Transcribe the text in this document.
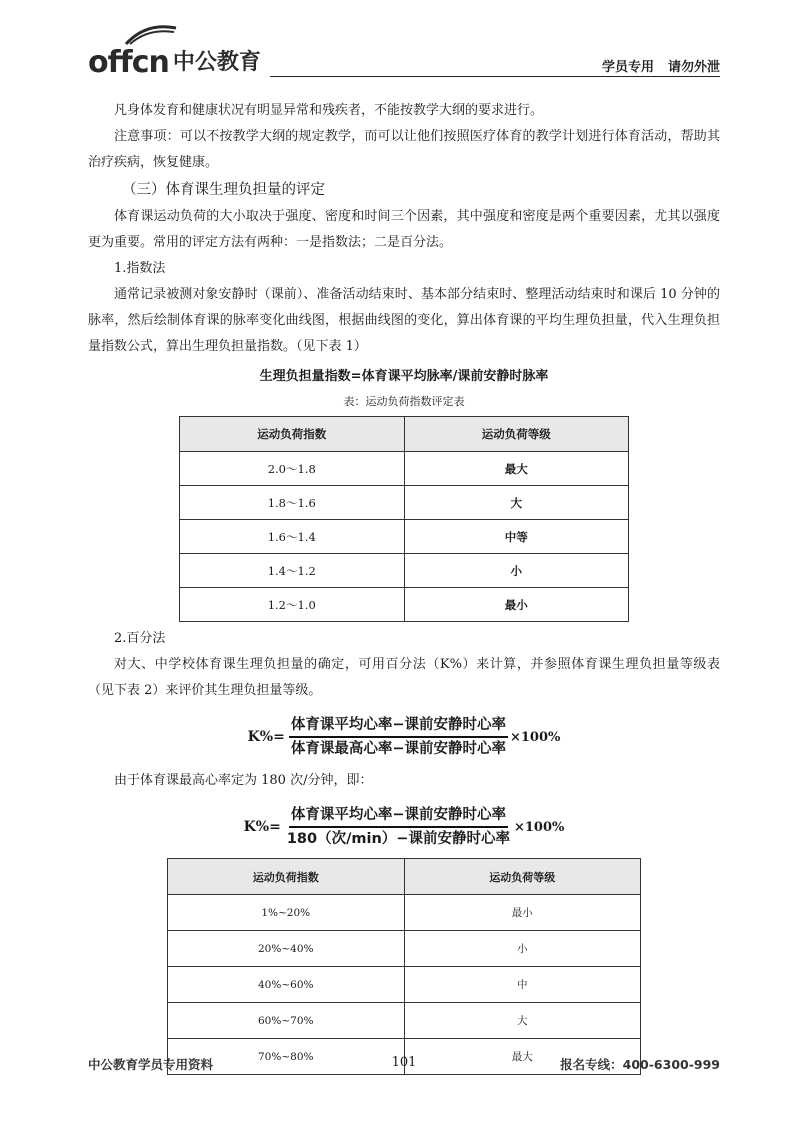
offcn 中公教育	学员专用 请勿外泄

凡身体发育和健康状况有明显异常和残疾者，不能按教学大纲的要求进行。

注意事项：可以不按教学大纲的规定教学，而可以让他们按照医疗体育的教学计划进行体育活动，帮助其治疗疾病，恢复健康。

（三）体育课生理负担量的评定

体育课运动负荷的大小取决于强度、密度和时间三个因素，其中强度和密度是两个重要因素，尤其以强度更为重要。常用的评定方法有两种：一是指数法；二是百分法。

1.指数法

通常记录被测对象安静时（课前）、准备活动结束时、基本部分结束时、整理活动结束时和课后 10 分钟的脉率，然后绘制体育课的脉率变化曲线图，根据曲线图的变化，算出体育课的平均生理负担量，代入生理负担量指数公式，算出生理负担量指数。（见下表 1）

生理负担量指数=体育课平均脉率/课前安静时脉率
表：运动负荷指数评定表
运动负荷指数	运动负荷等级
2.0～1.8	最大
1.8～1.6	大
1.6～1.4	中等
1.4～1.2	小
1.2～1.0	最小

2.百分法

对大、中学校体育课生理负担量的确定，可用百分法（K%）来计算，并参照体育课生理负担量等级表（见下表 2）来评价其生理负担量等级。

$K\%= \frac{\text{体育课平均心率−课前安静时心率}}{\text{体育课最高心率−课前安静时心率}} \times 100\%$

由于体育课最高心率定为 180 次/分钟，即：

$K\%= \frac{\text{体育课平均心率−课前安静时心率}}{\text{180（次/min）−课前安静时心率}} \times 100\%$
运动负荷指数	运动负荷等级
1%~20%	最小
20%~40%	小
40%~60%	中
60%~70%	大
70%~80%	最大
中公教育学员专用资料	101	报名专线：400-6300-999
